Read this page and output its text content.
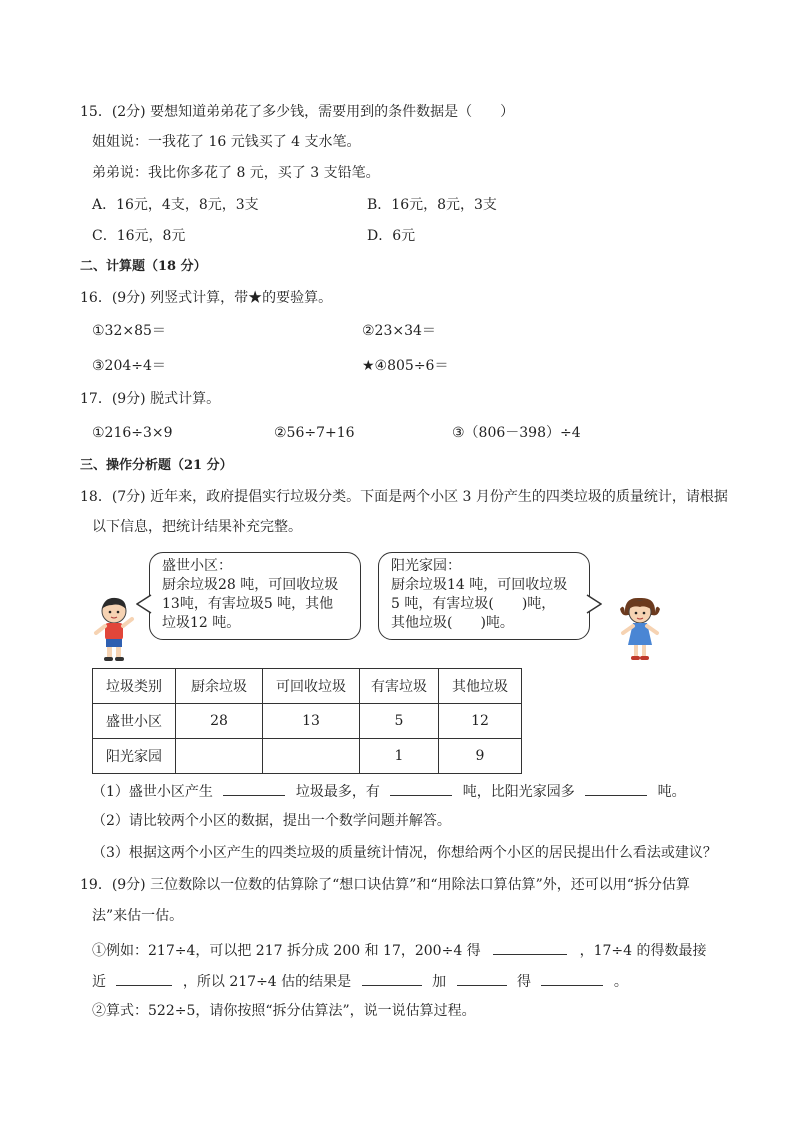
15．(2分) 要想知道弟弟花了多少钱，需要用到的条件数据是（　　）
姐姐说：一我花了 16 元钱买了 4 支水笔。
弟弟说：我比你多花了 8 元，买了 3 支铅笔。
A．16元，4支，8元，3支	B．16元，8元，3支
C．16元，8元	D．6元
二、计算题（18 分）
16．(9分) 列竖式计算，带★的要验算。
①32×85＝	②23×34＝
③204÷4＝	★④805÷6＝
17．(9分) 脱式计算。
①216÷3×9	②56÷7+16	③（806－398）÷4
三、操作分析题（21 分）
18．(7分) 近年来，政府提倡实行垃圾分类。下面是两个小区 3 月份产生的四类垃圾的质量统计，请根据
以下信息，把统计结果补充完整。
盛世小区：
厨余垃圾28 吨，可回收垃圾
13吨，有害垃圾5 吨，其他
垃圾12 吨。
阳光家园：
厨余垃圾14 吨，可回收垃圾
5 吨，有害垃圾(　　)吨，
其他垃圾(　　)吨。
垃圾类别	厨余垃圾	可回收垃圾	有害垃圾	其他垃圾
盛世小区	28	13	5	12
阳光家园			1	9
（1）盛世小区产生	垃圾最多，有	吨，比阳光家园多	吨。
（2）请比较两个小区的数据，提出一个数学问题并解答。
（3）根据这两个小区产生的四类垃圾的质量统计情况，你想给两个小区的居民提出什么看法或建议？
19．(9分) 三位数除以一位数的估算除了“想口诀估算”和“用除法口算估算”外，还可以用“拆分估算
法”来估一估。
①例如：217÷4，可以把 217 拆分成 200 和 17，200÷4 得	，17÷4 的得数最接
近	，所以 217÷4 估的结果是	加	得	。
②算式：522÷5，请你按照“拆分估算法”，说一说估算过程。
